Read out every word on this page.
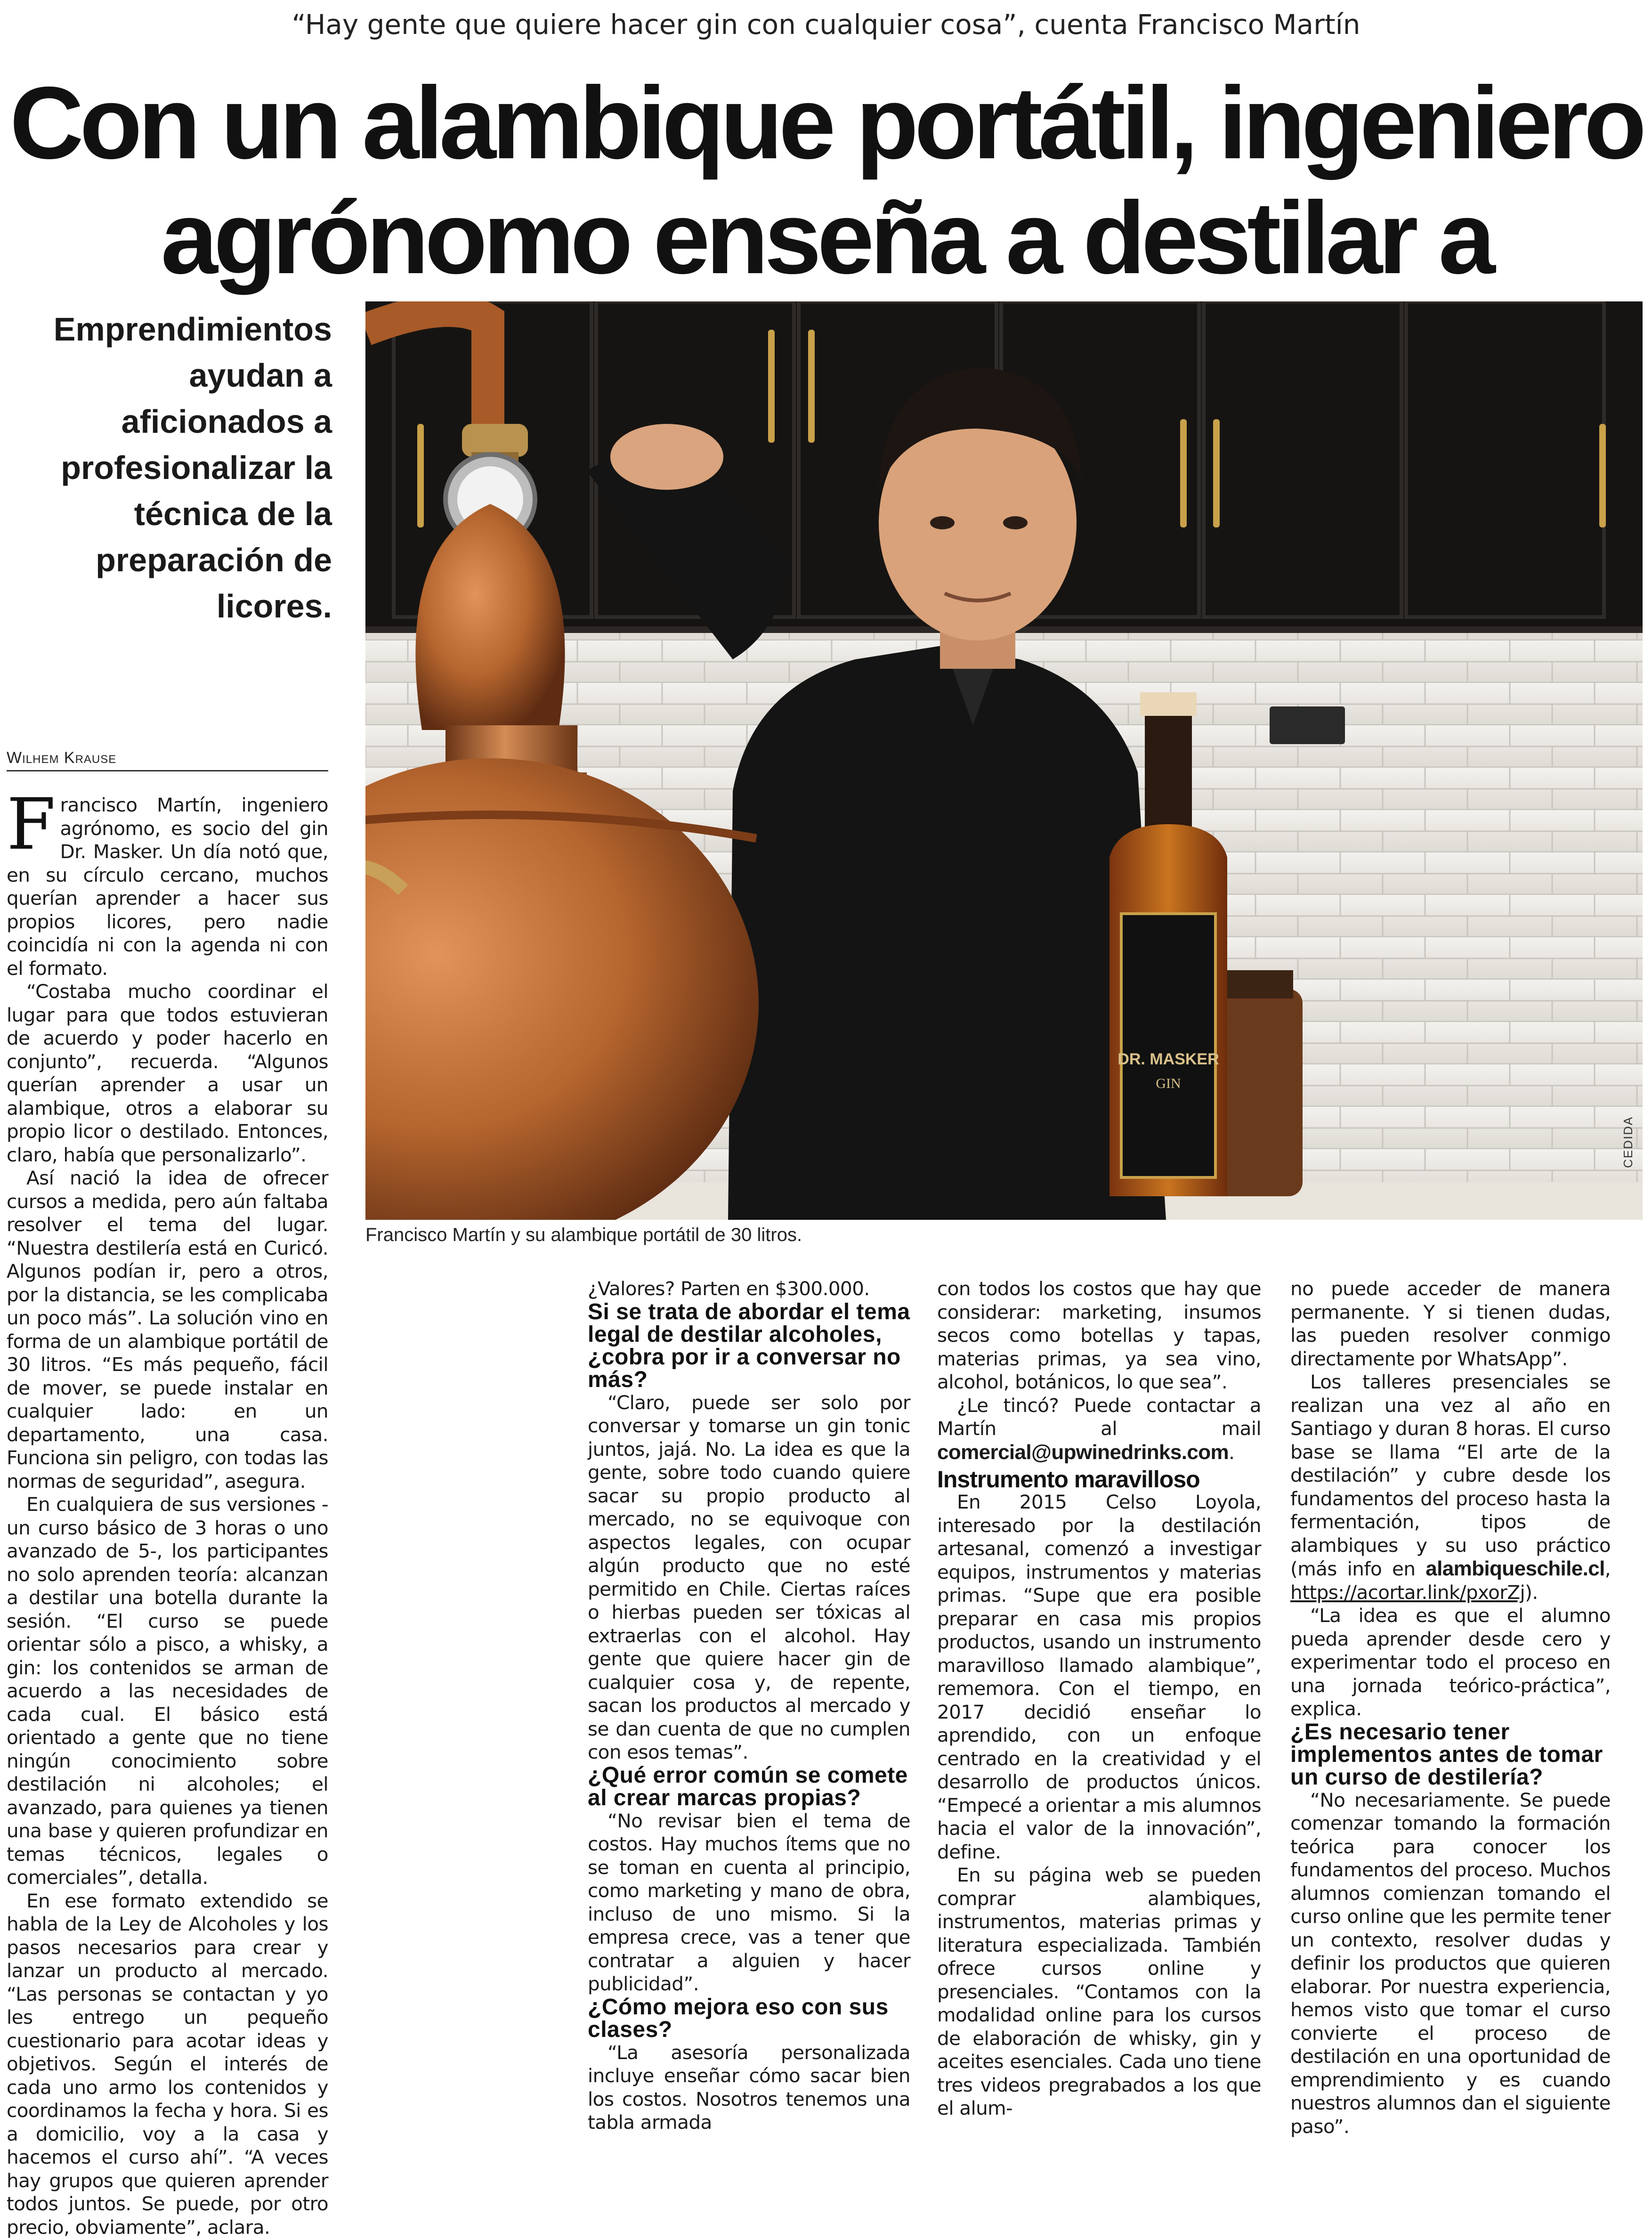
“Hay gente que quiere hacer gin con cualquier cosa”, cuenta Francisco Martín
Con un alambique portátil, ingeniero
agrónomo enseña a destilar a
Emprendimientos ayudan a aficionados a profesionalizar la técnica de la preparación de licores.
Wilhem Krause
DR. MASKER
GIN
CEDIDA
Francisco Martín y su alambique portátil de 30 litros.

Francisco Martín, ingeniero agrónomo, es socio del gin Dr. Masker. Un día notó que, en su círculo cercano, muchos querían aprender a hacer sus propios licores, pero nadie coincidía ni con la agenda ni con el formato.

“Costaba mucho coordinar el lugar para que todos estuvieran de acuerdo y poder hacerlo en conjunto”, recuerda. “Algunos querían aprender a usar un alambique, otros a elaborar su propio licor o destilado. Entonces, claro, había que personalizarlo”.

Así nació la idea de ofrecer cursos a medida, pero aún faltaba resolver el tema del lugar. “Nuestra destilería está en Curicó. Algunos podían ir, pero a otros, por la distancia, se les complicaba un poco más”. La solución vino en forma de un alambique portátil de 30 litros. “Es más pequeño, fácil de mover, se puede instalar en cualquier lado: en un departamento, una casa. Funciona sin peligro, con todas las normas de seguridad”, asegura.

En cualquiera de sus versiones -un curso básico de 3 horas o uno avanzado de 5-, los participantes no solo aprenden teoría: alcanzan a destilar una botella durante la sesión. “El curso se puede orientar sólo a pisco, a whisky, a gin: los contenidos se arman de acuerdo a las necesidades de cada cual. El básico está orientado a gente que no tiene ningún conocimiento sobre destilación ni alcoholes; el avanzado, para quienes ya tienen una base y quieren profundizar en temas técnicos, legales o comerciales”, detalla.

En ese formato extendido se habla de la Ley de Alcoholes y los pasos necesarios para crear y lanzar un producto al mercado. “Las personas se contactan y yo les entrego un pequeño cuestionario para acotar ideas y objetivos. Según el interés de cada uno armo los contenidos y coordinamos la fecha y hora. Si es a domicilio, voy a la casa y hacemos el curso ahí”. “A veces hay grupos que quieren aprender todos juntos. Se puede, por otro precio, obviamente”, aclara.

¿Valores? Parten en $300.000.

Si se trata de abordar el tema legal de destilar alcoholes, ¿cobra por ir a conversar no más?

“Claro, puede ser solo por conversar y tomarse un gin tonic juntos, jajá. No. La idea es que la gente, sobre todo cuando quiere sacar su propio producto al mercado, no se equivoque con aspectos legales, con ocupar algún producto que no esté permitido en Chile. Ciertas raíces o hierbas pueden ser tóxicas al extraerlas con el alcohol. Hay gente que quiere hacer gin de cualquier cosa y, de repente, sacan los productos al mercado y se dan cuenta de que no cumplen con esos temas”.

¿Qué error común se comete al crear marcas propias?

“No revisar bien el tema de costos. Hay muchos ítems que no se toman en cuenta al principio, como marketing y mano de obra, incluso de uno mismo. Si la empresa crece, vas a tener que contratar a alguien y hacer publicidad”.

¿Cómo mejora eso con sus clases?

“La asesoría personalizada incluye enseñar cómo sacar bien los costos. Nosotros tenemos una tabla armada

con todos los costos que hay que considerar: marketing, insumos secos como botellas y tapas, materias primas, ya sea vino, alcohol, botánicos, lo que sea”.

¿Le tincó? Puede contactar a Martín al mail comercial@upwinedrinks.com.

Instrumento maravilloso

En 2015 Celso Loyola, interesado por la destilación artesanal, comenzó a investigar equipos, instrumentos y materias primas. “Supe que era posible preparar en casa mis propios productos, usando un instrumento maravilloso llamado alambique”, rememora. Con el tiempo, en 2017 decidió enseñar lo aprendido, con un enfoque centrado en la creatividad y el desarrollo de productos únicos. “Empecé a orientar a mis alumnos hacia el valor de la innovación”, define.

En su página web se pueden comprar alambiques, instrumentos, materias primas y literatura especializada. También ofrece cursos online y presenciales. “Contamos con la modalidad online para los cursos de elaboración de whisky, gin y aceites esenciales. Cada uno tiene tres videos pregrabados a los que el alum-

no puede acceder de manera permanente. Y si tienen dudas, las pueden resolver conmigo directamente por WhatsApp”.

Los talleres presenciales se realizan una vez al año en Santiago y duran 8 horas. El curso base se llama “El arte de la destilación” y cubre desde los fundamentos del proceso hasta la fermentación, tipos de alambiques y su uso práctico (más info en alambiqueschile.cl, https://acortar.link/pxorZj).

“La idea es que el alumno pueda aprender desde cero y experimentar todo el proceso en una jornada teórico-práctica”, explica.

¿Es necesario tener implementos antes de tomar un curso de destilería?

“No necesariamente. Se puede comenzar tomando la formación teórica para conocer los fundamentos del proceso. Muchos alumnos comienzan tomando el curso online que les permite tener un contexto, resolver dudas y definir los productos que quieren elaborar. Por nuestra experiencia, hemos visto que tomar el curso convierte el proceso de destilación en una oportunidad de emprendimiento y es cuando nuestros alumnos dan el siguiente paso”.
